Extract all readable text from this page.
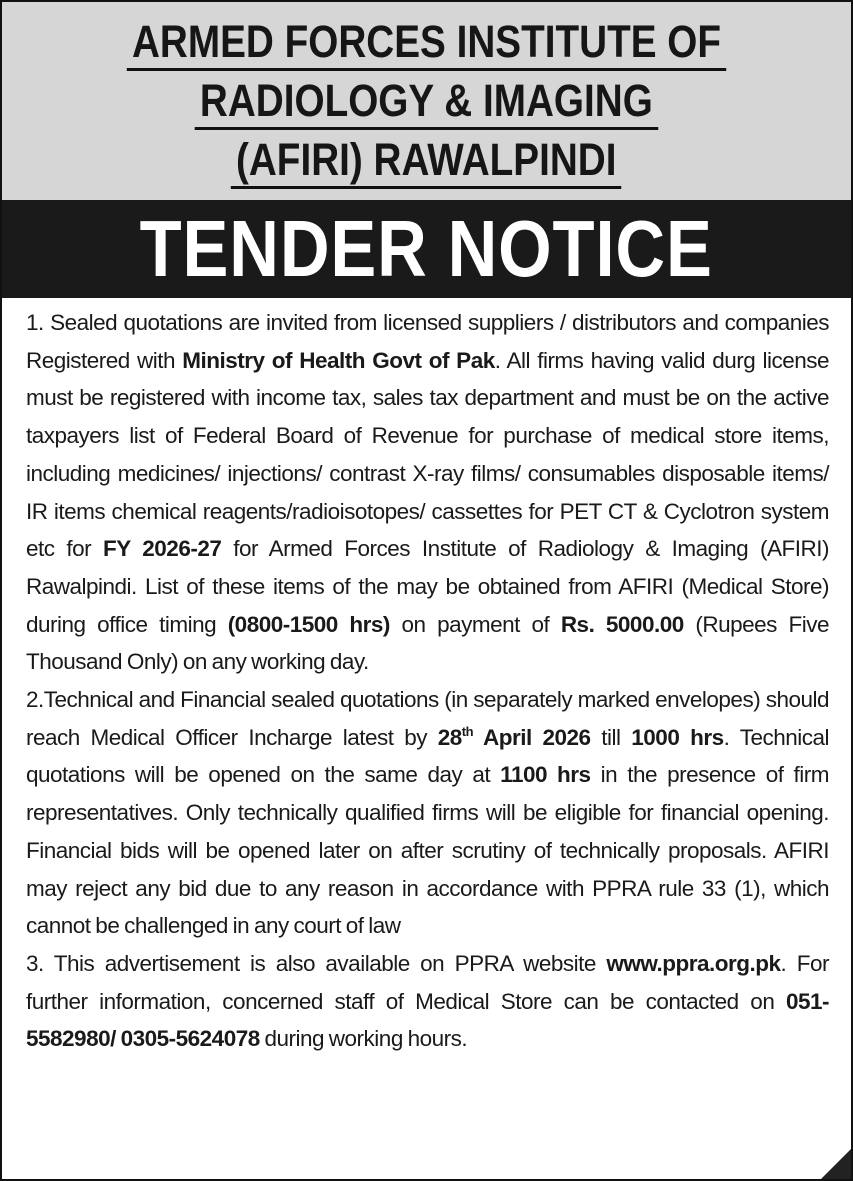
ARMED FORCES INSTITUTE OF
RADIOLOGY & IMAGING
(AFIRI) RAWALPINDI
TENDER NOTICE

1. Sealed quotations are invited from licensed suppliers / distributors and companies Registered with Ministry of Health Govt of Pak. All firms having valid durg license must be registered with income tax, sales tax department and must be on the active taxpayers list of Federal Board of Revenue for purchase of medical store items, including medicines/ injections/ contrast X-ray films/ consumables disposable items/ IR items chemical reagents/radioisotopes/ cassettes for PET CT & Cyclotron system etc for FY 2026-27 for Armed Forces Institute of Radiology & Imaging (AFIRI) Rawalpindi. List of these items of the may be obtained from AFIRI (Medical Store) during office timing (0800-1500 hrs) on payment of Rs. 5000.00 (Rupees Five Thousand Only) on any working day.

2.Technical and Financial sealed quotations (in separately marked envelopes) should reach Medical Officer Incharge latest by 28th April 2026 till 1000 hrs. Technical quotations will be opened on the same day at 1100 hrs in the presence of firm representatives. Only technically qualified firms will be eligible for financial opening. Financial bids will be opened later on after scrutiny of technically proposals. AFIRI may reject any bid due to any reason in accordance with PPRA rule 33 (1), which cannot be challenged in any court of law

3. This advertisement is also available on PPRA website www.ppra.org.pk. For further information, concerned staff of Medical Store can be contacted on 051-5582980/ 0305-5624078 during working hours.
